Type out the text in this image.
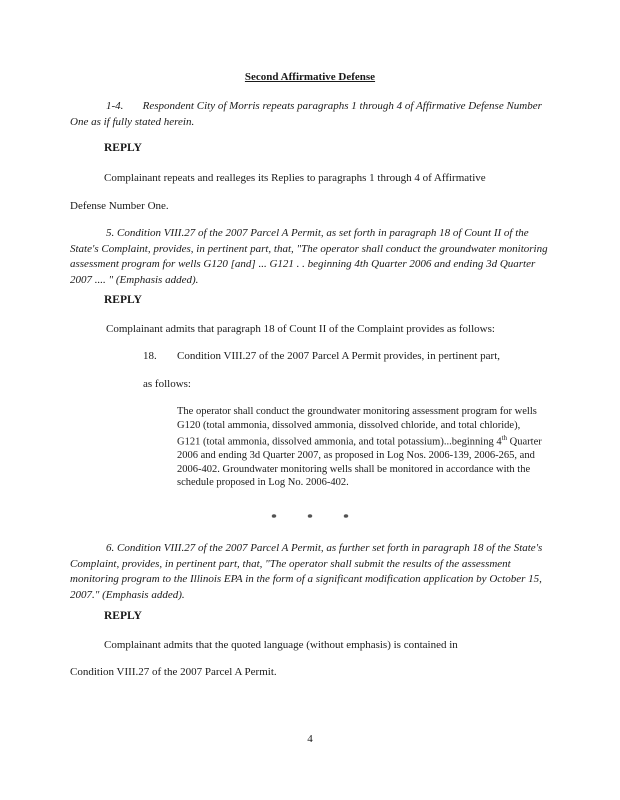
Second Affirmative Defense
1-4. Respondent City of Morris repeats paragraphs 1 through 4 of Affirmative Defense Number One as if fully stated herein.
REPLY
Complainant repeats and realleges its Replies to paragraphs 1 through 4 of Affirmative
Defense Number One.
5. Condition VIII.27 of the 2007 Parcel A Permit, as set forth in paragraph 18 of Count II of the State's Complaint, provides, in pertinent part, that, "The operator shall conduct the groundwater monitoring assessment program for wells G120 [and] ... G121 . . beginning 4th Quarter 2006 and ending 3d Quarter 2007 .... " (Emphasis added).
REPLY
Complainant admits that paragraph 18 of Count II of the Complaint provides as follows:
18. Condition VIII.27 of the 2007 Parcel A Permit provides, in pertinent part,
as follows:
The operator shall conduct the groundwater monitoring assessment program for wells G120 (total ammonia, dissolved ammonia, dissolved chloride, and total chloride), G121 (total ammonia, dissolved ammonia, and total potassium)...beginning 4th Quarter 2006 and ending 3d Quarter 2007, as proposed in Log Nos. 2006-139, 2006-265, and 2006-402. Groundwater monitoring wells shall be monitored in accordance with the schedule proposed in Log No. 2006-402.
*	*	*
6. Condition VIII.27 of the 2007 Parcel A Permit, as further set forth in paragraph 18 of the State's Complaint, provides, in pertinent part, that, "The operator shall submit the results of the assessment monitoring program to the Illinois EPA in the form of a significant modification application by October 15, 2007." (Emphasis added).
REPLY
Complainant admits that the quoted language (without emphasis) is contained in
Condition VIII.27 of the 2007 Parcel A Permit.
4
